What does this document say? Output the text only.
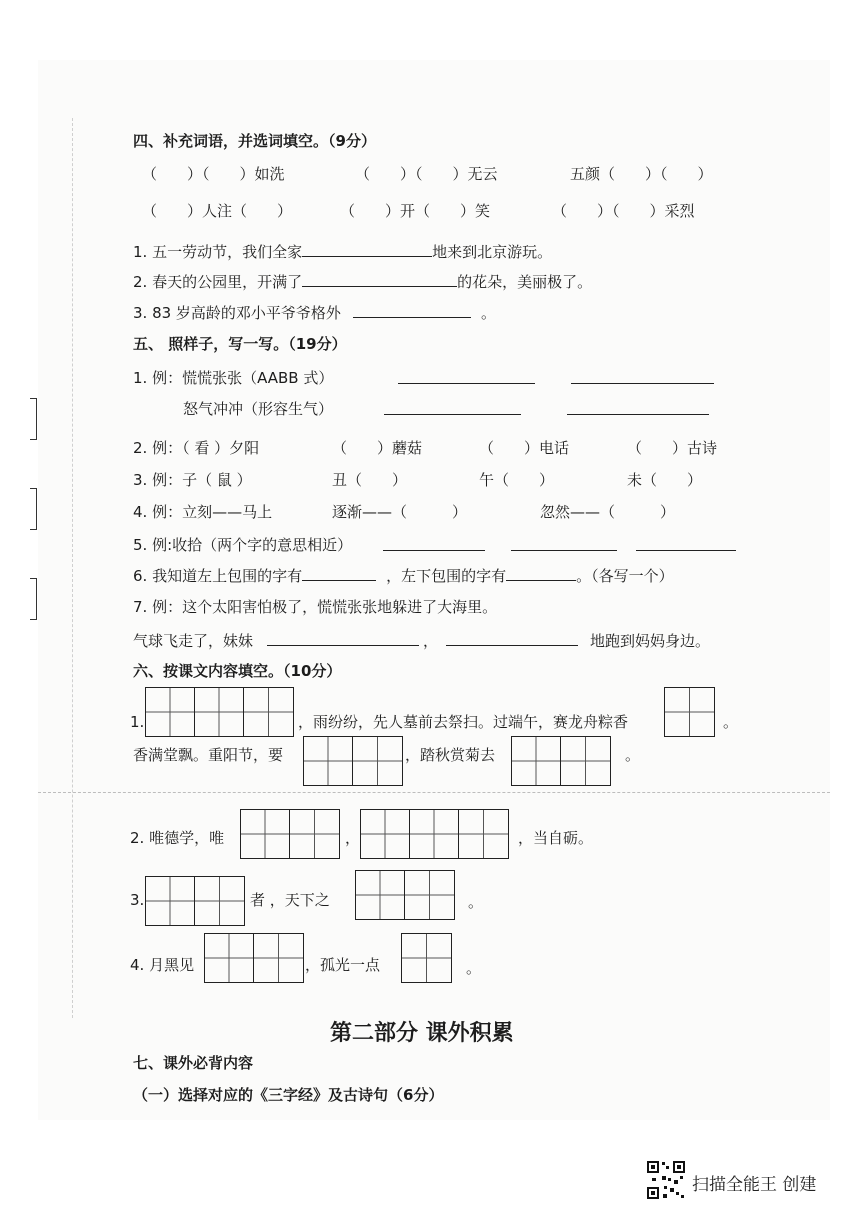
四、补充词语，并选词填空。（9分）
（　　）（　　）如洗	（　　）（　　）无云	五颜（　　）（　　）
（　　）人注（　　）	（　　）开（　　）笑	（　　）（　　）采烈
1. 五一劳动节，我们全家	地来到北京游玩。
2. 春天的公园里，开满了	的花朵，美丽极了。
3. 83 岁高龄的邓小平爷爷格外	。
五、 照样子，写一写。（19分）
1. 例：慌慌张张（AABB 式）
怒气冲冲（形容生气）
2. 例：（ 看 ）夕阳	（　　）蘑菇	（　　）电话	（　　）古诗
3. 例：子（ 鼠 ）	丑（　　）	午（　　）	未（　　）
4. 例：立刻——马上	逐渐——（　　　）	忽然——（　　　）
5. 例:收拾（两个字的意思相近）
6. 我知道左上包围的字有	，左下包围的字有	。（各写一个）
7. 例：这个太阳害怕极了，慌慌张张地躲进了大海里。
气球飞走了，妹妹	，	地跑到妈妈身边。
六、按课文内容填空。（10分）
1.	，雨纷纷，先人墓前去祭扫。过端午，赛龙舟粽香	。
香满堂飘。重阳节，要	，踏秋赏菊去	。
2. 唯德学，唯	，	，当自砺。
3.	者 ，天下之	。
4. 月黑见	，孤光一点	。
第二部分 课外积累
七、课外必背内容
（一）选择对应的《三字经》及古诗句（6分）
扫描全能王 创建
